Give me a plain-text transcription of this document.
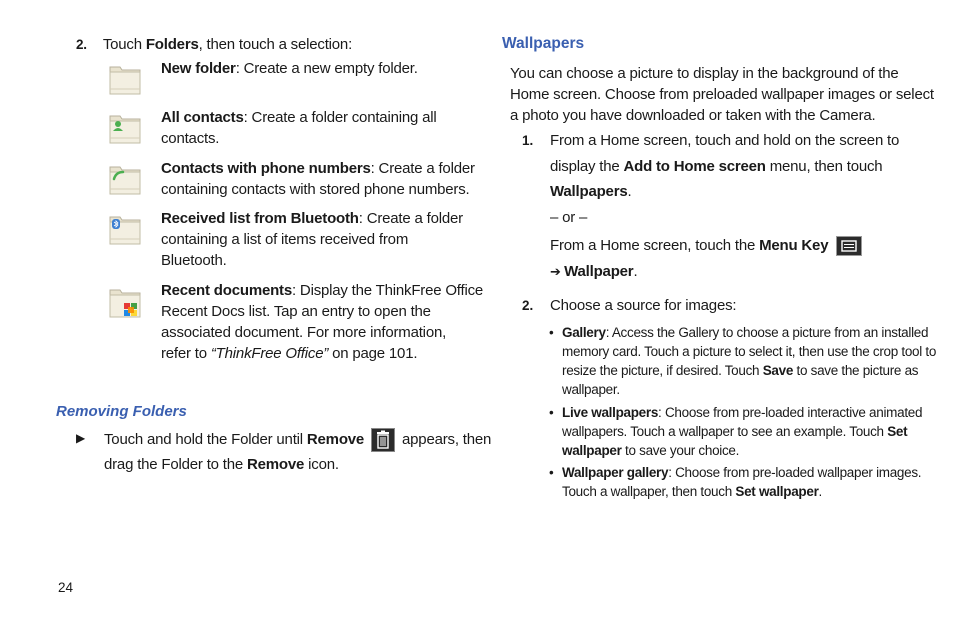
2. Touch Folders, then touch a selection:
New folder: Create a new empty folder.
All contacts: Create a folder containing all
contacts.
Contacts with phone numbers: Create a folder
containing contacts with stored phone numbers.
Received list from Bluetooth: Create a folder
containing a list of items received from
Bluetooth.
Recent documents: Display the ThinkFree Office
Recent Docs list. Tap an entry to open the
associated document. For more information,
refer to “ThinkFree Office” on page 101.
Removing Folders
▶ Touch and hold the Folder until Remove  appears, then
drag the Folder to the Remove icon.
Wallpapers
You can choose a picture to display in the background of the
Home screen. Choose from preloaded wallpaper images or select
a photo you have downloaded or taken with the Camera.
1. From a Home screen, touch and hold on the screen to
display the Add to Home screen menu, then touch
Wallpapers.
– or –
From a Home screen, touch the Menu Key
➔ Wallpaper.
2. Choose a source for images:
• Gallery: Access the Gallery to choose a picture from an installed
memory card. Touch a picture to select it, then use the crop tool to
resize the picture, if desired. Touch Save to save the picture as
wallpaper.
• Live wallpapers: Choose from pre-loaded interactive animated
wallpapers. Touch a wallpaper to see an example. Touch Set
wallpaper to save your choice.
• Wallpaper gallery: Choose from pre-loaded wallpaper images.
Touch a wallpaper, then touch Set wallpaper.
24
